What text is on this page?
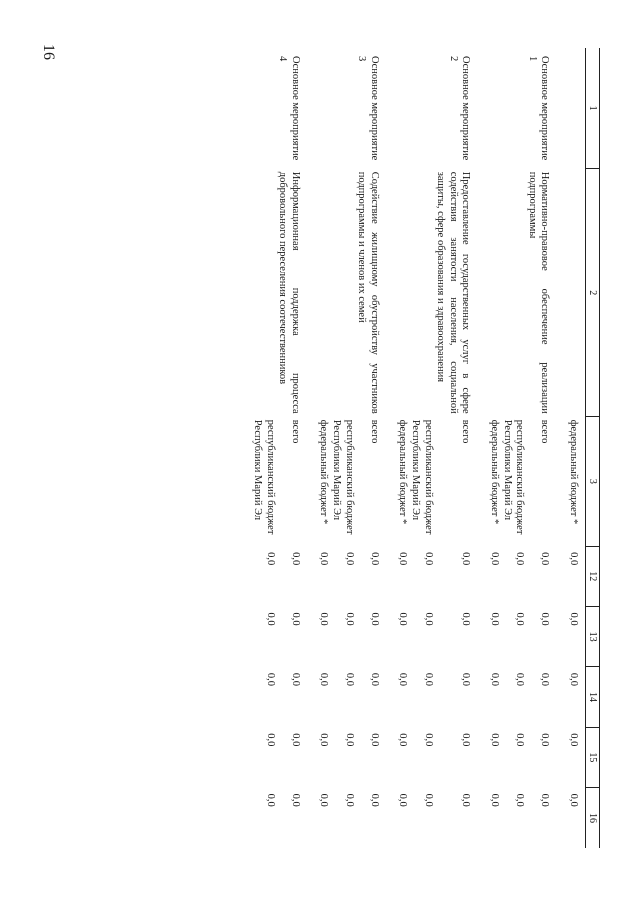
16
1	2	3	12	13	14	15	16
		федеральный бюджет *	0,0	0,0	0,0	0,0	0,0
Основное мероприятие 1	Нормативно-правовое обеспечение реализации подпрограммы	всего	0,0	0,0	0,0	0,0	0,0
		республиканский бюджет Республики Марий Эл	0,0	0,0	0,0	0,0	0,0
		федеральный бюджет *	0,0	0,0	0,0	0,0	0,0
Основное мероприятие 2	Предоставление государственных услуг в сфере содействия занятости населения, социальной защиты, сфере образования и здравоохранения	всего	0,0	0,0	0,0	0,0	0,0
		республиканский бюджет Республики Марий Эл	0,0	0,0	0,0	0,0	0,0
		федеральный бюджет *	0,0	0,0	0,0	0,0	0,0
Основное мероприятие 3	Содействие жилищному обустройству участников подпрограммы и членов их семей	всего	0,0	0,0	0,0	0,0	0,0
		республиканский бюджет Республики Марий Эл	0,0	0,0	0,0	0,0	0,0
		федеральный бюджет *	0,0	0,0	0,0	0,0	0,0
Основное мероприятие 4	Информационная поддержка процесса добровольного переселения соотечественников	всего	0,0	0,0	0,0	0,0	0,0
		республиканский бюджет Республики Марий Эл	0,0	0,0	0,0	0,0	0,0
